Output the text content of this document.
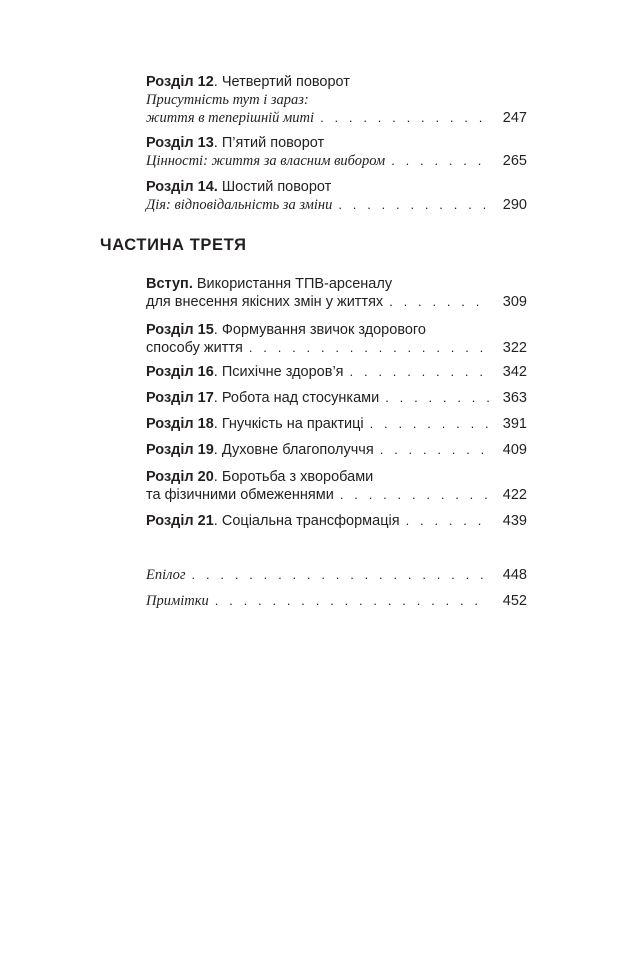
Розділ 12. Четвертий поворот
Присутність тут і зараз:
життя в теперішній миті . . .	247
Розділ 13. П’ятий поворот
Цінності: життя за власним вибором . . .	265
Розділ 14. Шостий поворот
Дія: відповідальність за зміни . . .	290
ЧАСТИНА ТРЕТЯ
Вступ. Використання ТПВ-арсеналу
для внесення якісних змін у життях . . .	309
Розділ 15. Формування звичок здорового
способу життя . . .	322
Розділ 16. Психічне здоров’я . . .	342
Розділ 17. Робота над стосунками . . .	363
Розділ 18. Гнучкість на практиці . . .	391
Розділ 19. Духовне благополуччя . . .	409
Розділ 20. Боротьба з хворобами
та фізичними обмеженнями . . .	422
Розділ 21. Соціальна трансформація . . .	439
Епілог . . .	448
Примітки . . .	452
